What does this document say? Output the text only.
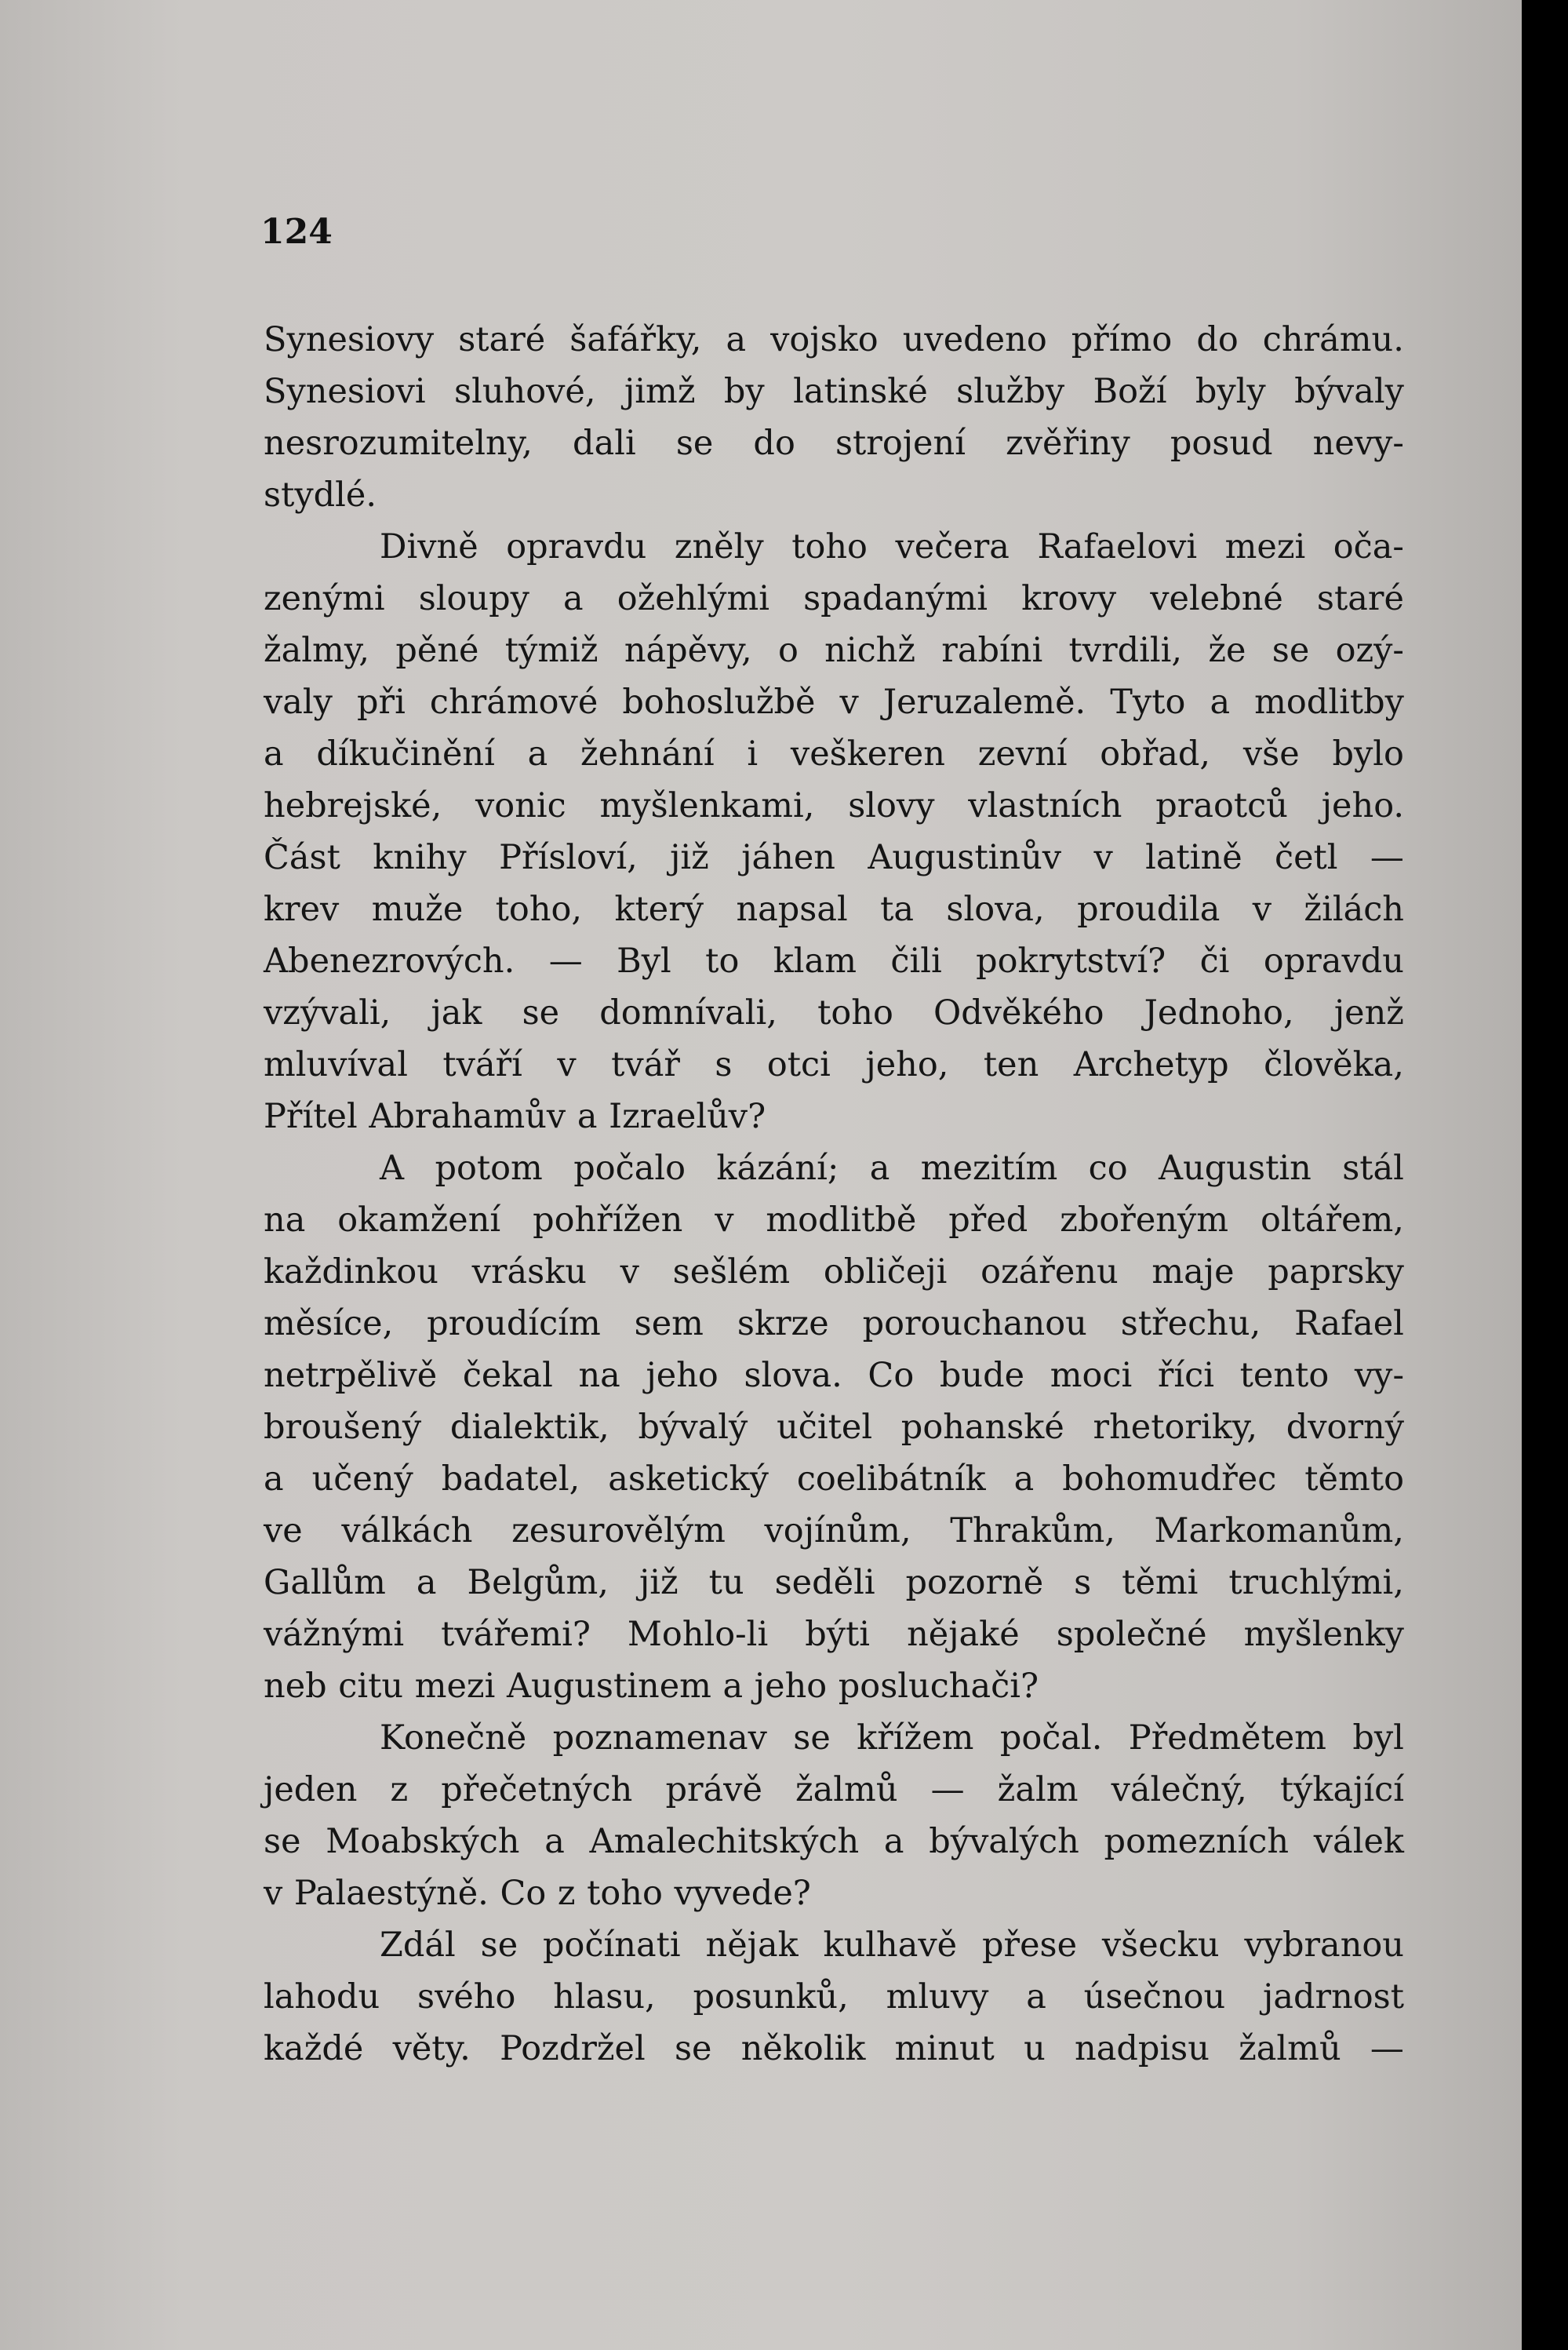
124
Synesiovy staré šafářky, a vojsko uvedeno přímo do chrámu.
Synesiovi sluhové, jimž by latinské služby Boží byly bývaly
nesrozumitelny, dali se do strojení zvěřiny posud nevy-
stydlé.
Divně opravdu zněly toho večera Rafaelovi mezi oča-
zenými sloupy a ožehlými spadanými krovy velebné staré
žalmy, pěné týmiž nápěvy, o nichž rabíni tvrdili, že se ozý-
valy při chrámové bohoslužbě v Jeruzalemě. Tyto a modlitby
a díkučinění a žehnání i veškeren zevní obřad, vše bylo
hebrejské, vonic myšlenkami, slovy vlastních praotců jeho.
Část knihy Přísloví, již jáhen Augustinův v latině četl —
krev muže toho, který napsal ta slova, proudila v žilách
Abenezrových. — Byl to klam čili pokrytství? či opravdu
vzývali, jak se domnívali, toho Odvěkého Jednoho, jenž
mluvíval tváří v tvář s otci jeho, ten Archetyp člověka,
Přítel Abrahamův a Izraelův?
A potom počalo kázání; a mezitím co Augustin stál
na okamžení pohřížen v modlitbě před zbořeným oltářem,
každinkou vrásku v sešlém obličeji ozářenu maje paprsky
měsíce, proudícím sem skrze porouchanou střechu, Rafael
netrpělivě čekal na jeho slova. Co bude moci říci tento vy-
broušený dialektik, bývalý učitel pohanské rhetoriky, dvorný
a učený badatel, asketický coelibátník a bohomudřec těmto
ve válkách zesurovělým vojínům, Thrakům, Markomanům,
Gallům a Belgům, již tu seděli pozorně s těmi truchlými,
vážnými tvářemi? Mohlo-li býti nějaké společné myšlenky
neb citu mezi Augustinem a jeho posluchači?
Konečně poznamenav se křížem počal. Předmětem byl
jeden z přečetných právě žalmů — žalm válečný, týkající
se Moabských a Amalechitských a bývalých pomezních válek
v Palaestýně. Co z toho vyvede?
Zdál se počínati nějak kulhavě přese všecku vybranou
lahodu svého hlasu, posunků, mluvy a úsečnou jadrnost
každé věty. Pozdržel se několik minut u nadpisu žalmů —
